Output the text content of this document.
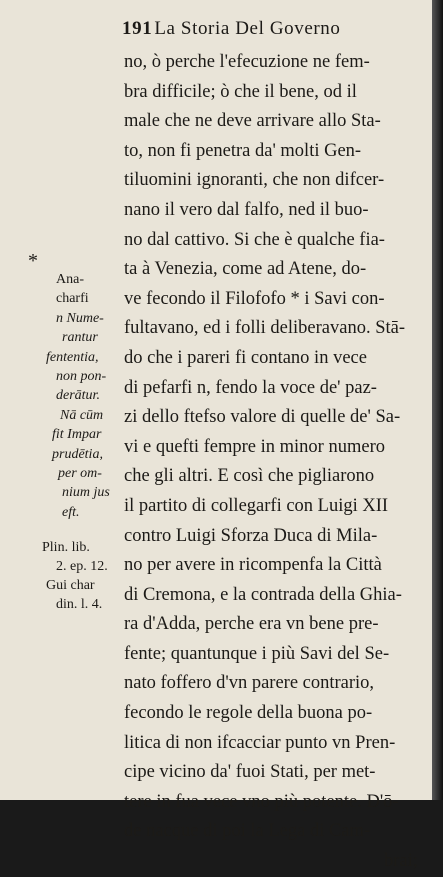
191 La Storia Del Governo
no, ò perche l'efecuzione ne fem-
bra difficile; ò che il bene, od il
male che ne deve arrivare allo Sta-
to, non fi penetra da' molti Gen-
tiluomini ignoranti, che non difcer-
nano il vero dal falfo, ned il buo-
no dal cattivo. Si che è qualche fia-
ta à Venezia, come ad Atene, do-
ve fecondo il Filofofo * i Savi con-
fultavano, ed i folli deliberavano. Stā-
do che i pareri fi contano in vece
di pefarfi n, fendo la voce de' paz-
zi dello ftefso valore di quelle de' Sa-
vi e quefti fempre in minor numero
che gli altri. E così che pigliarono
il partito di collegarfi con Luigi XII
contro Luigi Sforza Duca di Mila-
no per avere in ricompenfa la Città
di Cremona, e la contrada della Ghia-
ra d'Adda, perche era vn bene pre-
fente; quantunque i più Savi del Se-
nato foffero d'vn parere contrario,
fecondo le regole della buona po-
litica di non ifcacciar punto vn Pren-
cipe vicino da' fuoi Stati, per met-
tere in fua vece vno più potente. D'ō-
de nacque di poi la Lega di Cam-
brai;
*
Ana-
charfi
n Nume-
rantur
fententia,
non pon-
derātur.
Nā cūm
fit Impar
prudētia,
per om-
nium jus
eft.
Plin. lib.
2. ep. 12.
Gui char
din. l. 4.
